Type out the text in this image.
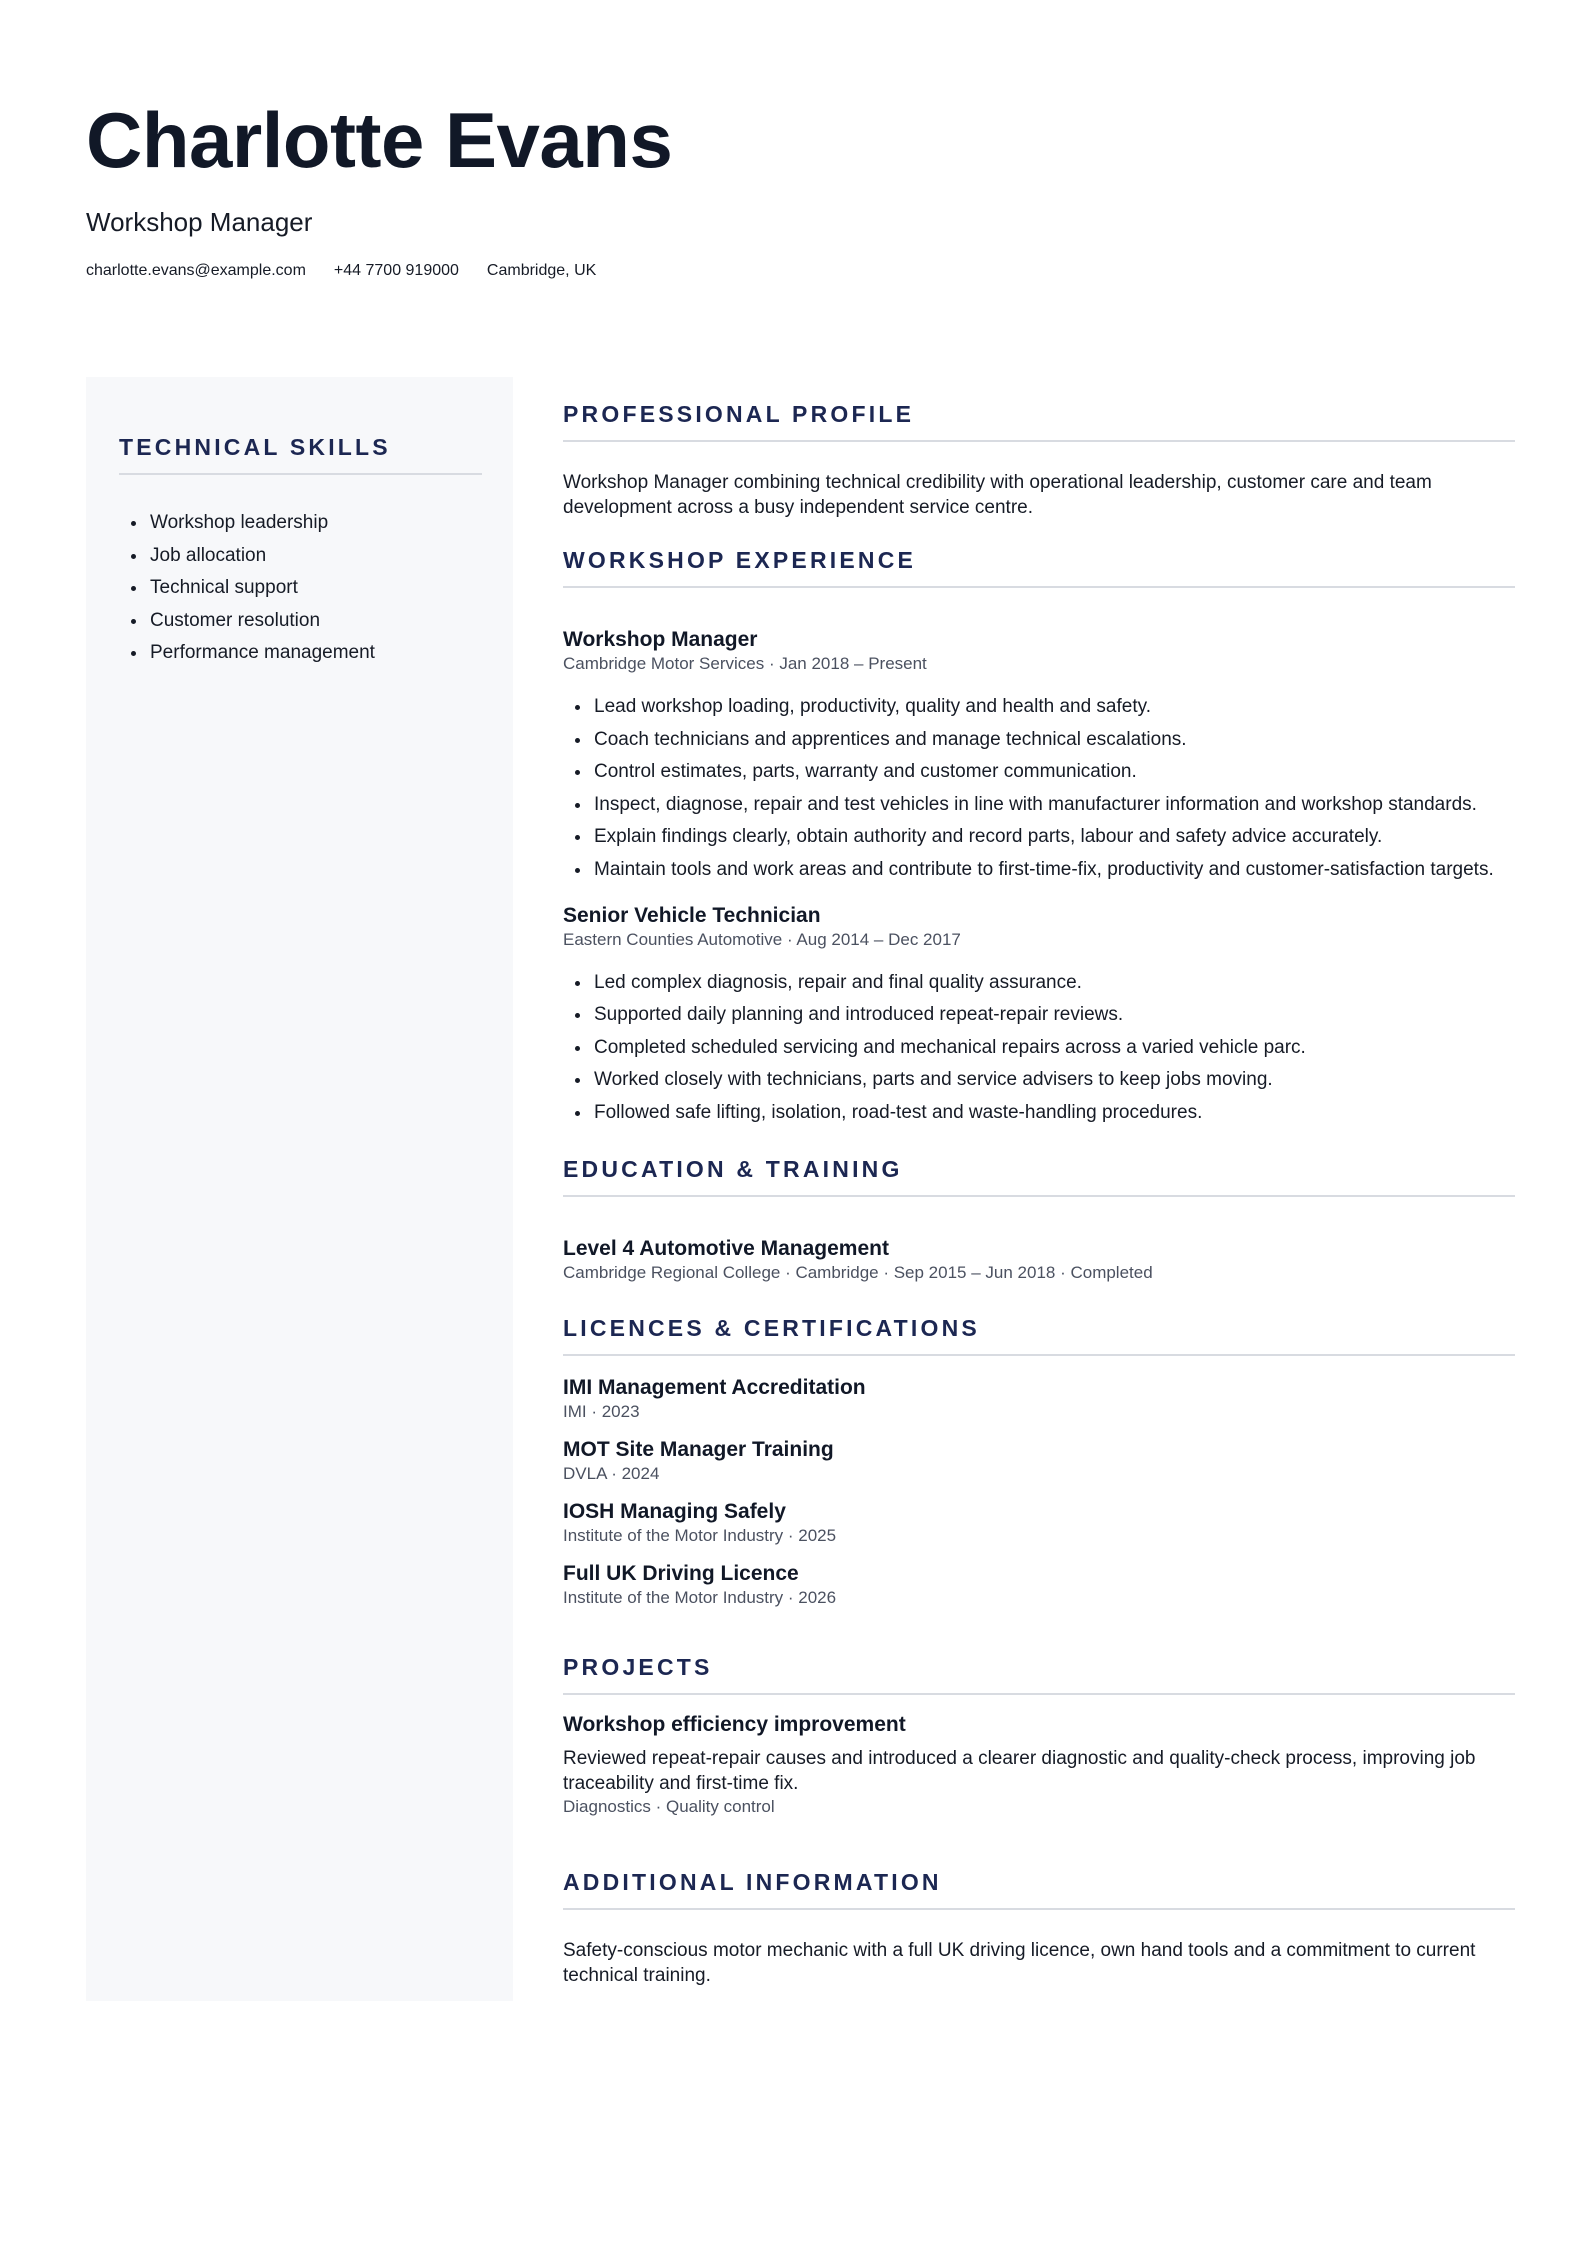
Charlotte Evans
Workshop Manager
charlotte.evans@example.com +44 7700 919000 Cambridge, UK
TECHNICAL SKILLS
• Workshop leadership
• Job allocation
• Technical support
• Customer resolution
• Performance management
PROFESSIONAL PROFILE
Workshop Manager combining technical credibility with operational leadership, customer care and team development across a busy independent service centre.
WORKSHOP EXPERIENCE
Workshop Manager
Cambridge Motor Services · Jan 2018 – Present
• Lead workshop loading, productivity, quality and health and safety.
• Coach technicians and apprentices and manage technical escalations.
• Control estimates, parts, warranty and customer communication.
• Inspect, diagnose, repair and test vehicles in line with manufacturer information and workshop standards.
• Explain findings clearly, obtain authority and record parts, labour and safety advice accurately.
• Maintain tools and work areas and contribute to first-time-fix, productivity and customer-satisfaction targets.
Senior Vehicle Technician
Eastern Counties Automotive · Aug 2014 – Dec 2017
• Led complex diagnosis, repair and final quality assurance.
• Supported daily planning and introduced repeat-repair reviews.
• Completed scheduled servicing and mechanical repairs across a varied vehicle parc.
• Worked closely with technicians, parts and service advisers to keep jobs moving.
• Followed safe lifting, isolation, road-test and waste-handling procedures.
EDUCATION & TRAINING
Level 4 Automotive Management
Cambridge Regional College · Cambridge · Sep 2015 – Jun 2018 · Completed
LICENCES & CERTIFICATIONS
IMI Management Accreditation
IMI · 2023
MOT Site Manager Training
DVLA · 2024
IOSH Managing Safely
Institute of the Motor Industry · 2025
Full UK Driving Licence
Institute of the Motor Industry · 2026
PROJECTS
Workshop efficiency improvement
Reviewed repeat-repair causes and introduced a clearer diagnostic and quality-check process, improving job traceability and first-time fix.
Diagnostics · Quality control
ADDITIONAL INFORMATION
Safety-conscious motor mechanic with a full UK driving licence, own hand tools and a commitment to current technical training.
